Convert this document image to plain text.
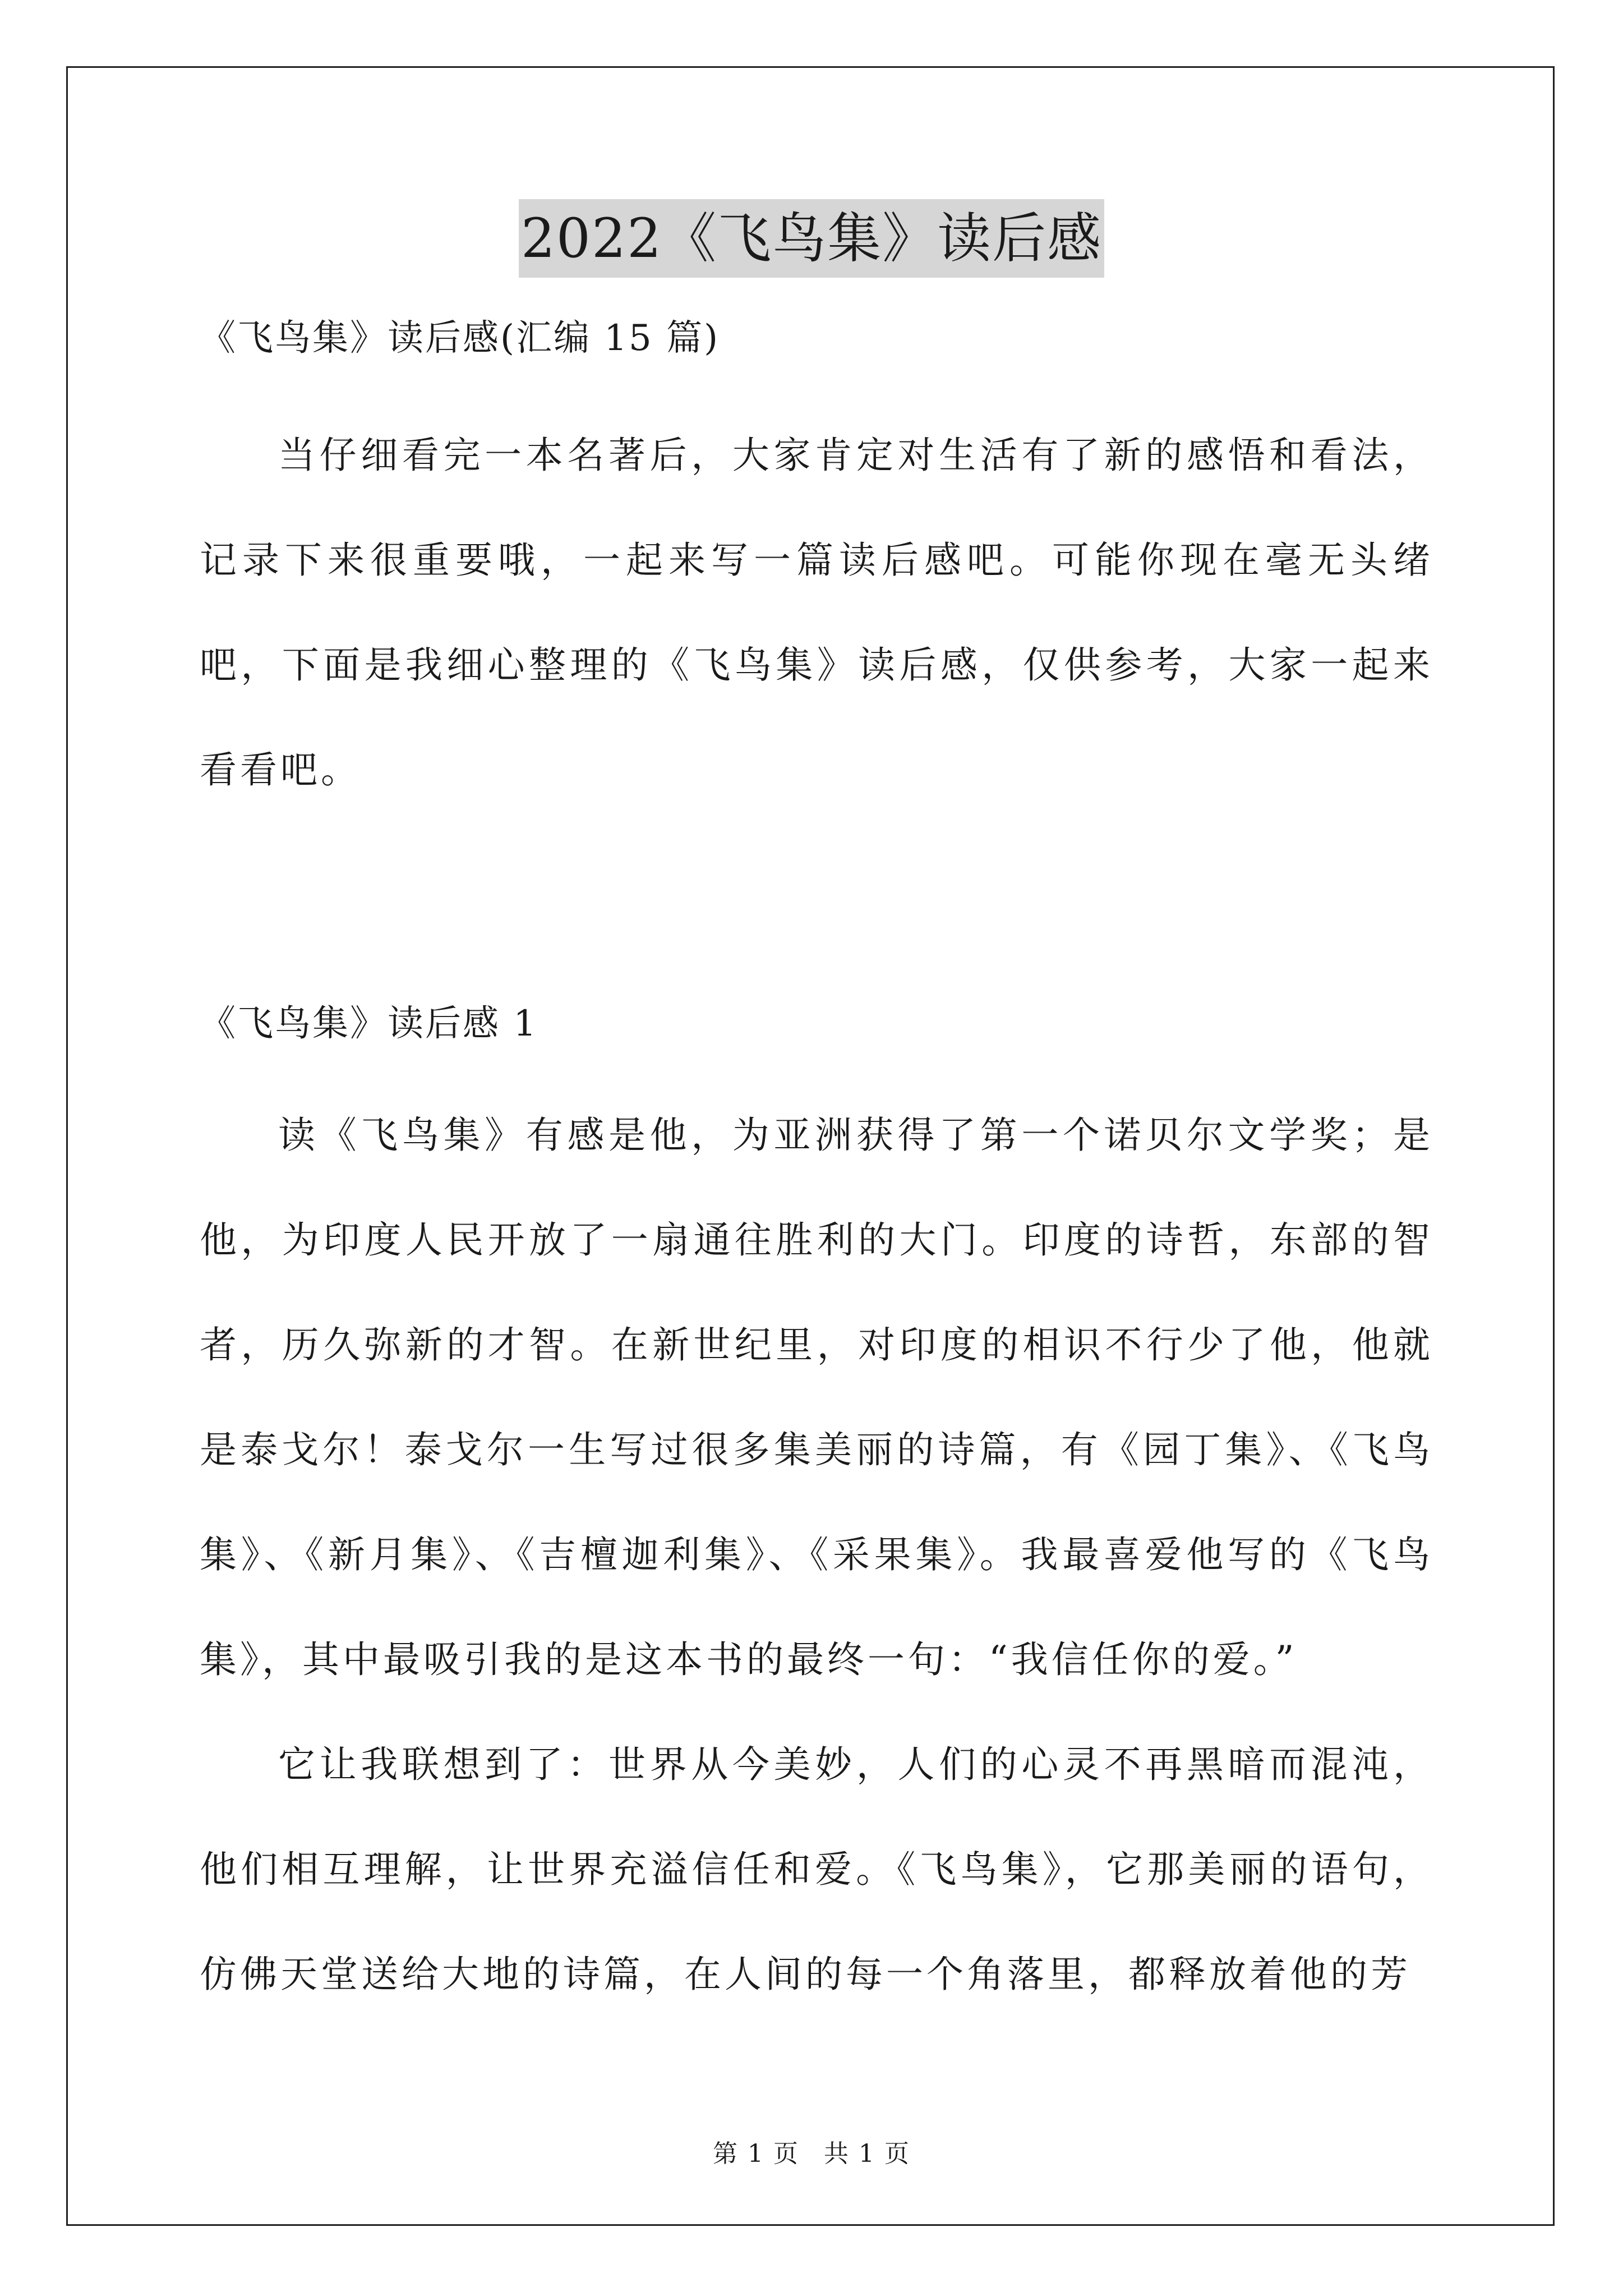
2022《飞鸟集》读后感
《飞鸟集》读后感(汇编 15 篇)

当仔细看完一本名著后，大家肯定对生活有了新的感悟和看法，记录下来很重要哦，一起来写一篇读后感吧。可能你现在毫无头绪吧，下面是我细心整理的《飞鸟集》读后感，仅供参考，大家一起来看看吧。

《飞鸟集》读后感 1

读《飞鸟集》有感是他，为亚洲获得了第一个诺贝尔文学奖；是他，为印度人民开放了一扇通往胜利的大门。印度的诗哲，东部的智者，历久弥新的才智。在新世纪里，对印度的相识不行少了他，他就是泰戈尔！泰戈尔一生写过很多集美丽的诗篇，有《园丁集》、《飞鸟集》、《新月集》、《吉檀迦利集》、《采果集》。我最喜爱他写的《飞鸟集》，其中最吸引我的是这本书的最终一句：“我信任你的爱。”

它让我联想到了：世界从今美妙，人们的心灵不再黑暗而混沌，他们相互理解，让世界充溢信任和爱。《飞鸟集》，它那美丽的语句，仿佛天堂送给大地的诗篇，在人间的每一个角落里，都释放着他的芳

第 1 页 共 1 页
